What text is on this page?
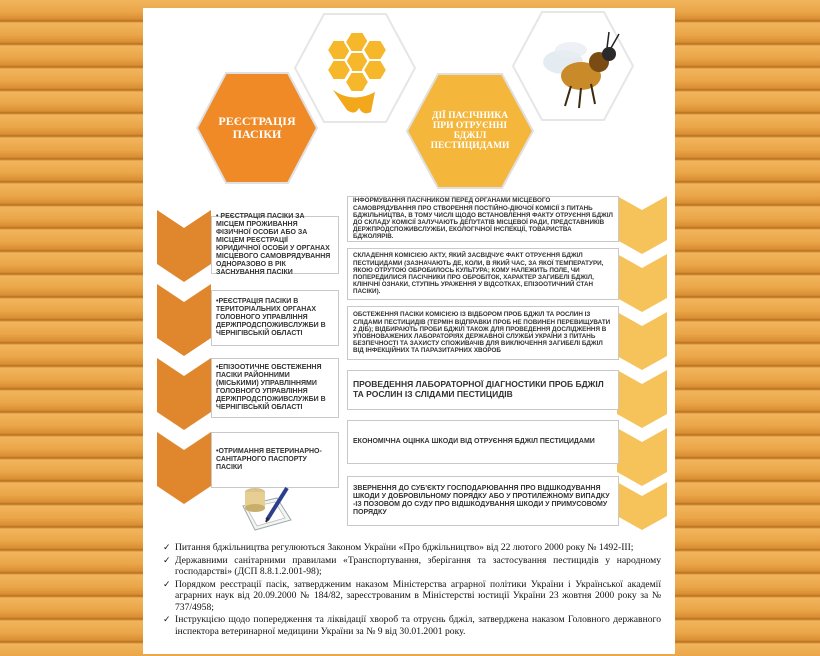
РЕЄСТРАЦІЯ ПАСІКИ
ДІЇ ПАСІЧНИКА ПРИ ОТРУЄННІ БДЖІЛ ПЕСТИЦИДАМИ
• РЕЄСТРАЦІЯ ПАСІКИ ЗА МІСЦЕМ ПРОЖИВАННЯ ФІЗИЧНОЇ ОСОБИ АБО ЗА МІСЦЕМ РЕЄСТРАЦІЇ ЮРИДИЧНОЇ ОСОБИ У ОРГАНАХ МІСЦЕВОГО САМОВРЯДУВАННЯ ОДНОРАЗОВО В РІК ЗАСНУВАННЯ ПАСІКИ
•РЕЄСТРАЦІЯ ПАСІКИ В ТЕРИТОРІАЛЬНИХ ОРГАНАХ ГОЛОВНОГО УПРАВЛІННЯ ДЕРЖПРОДСПОЖИВСЛУЖБИ В ЧЕРНІГІВСЬКІЙ ОБЛАСТІ
•ЕПІЗООТИЧНЕ ОБСТЕЖЕННЯ ПАСІКИ РАЙОННИМИ (МІСЬКИМИ) УПРАВЛІННЯМИ ГОЛОВНОГО УПРАВЛІННЯ ДЕРЖПРОДСПОЖИВСЛУЖБИ В ЧЕРНІГІВСЬКІЙ ОБЛАСТІ
•ОТРИМАННЯ ВЕТЕРИНАРНО-САНІТАРНОГО ПАСПОРТУ ПАСІКИ
ІНФОРМУВАННЯ ПАСІЧНИКОМ ПЕРЕД ОРГАНАМИ МІСЦЕВОГО САМОВРЯДУВАННЯ ПРО СТВОРЕННЯ ПОСТІЙНО-ДІЮЧОЇ КОМІСІЇ З ПИТАНЬ БДЖІЛЬНИЦТВА, В ТОМУ ЧИСЛІ ЩОДО ВСТАНОВЛЕННЯ ФАКТУ ОТРУЄННЯ БДЖІЛ ДО СКЛАДУ КОМІСІЇ ЗАЛУЧАЮТЬ ДЕПУТАТІВ МІСЦЕВОЇ РАДИ, ПРЕДСТАВНИКІВ ДЕРЖПРОДСПОЖИВСЛУЖБИ, ЕКОЛОГІЧНОЇ ІНСПЕКЦІЇ, ТОВАРИСТВА БДЖОЛЯРІВ.
СКЛАДЕННЯ КОМІСІЄЮ АКТУ, ЯКИЙ ЗАСВІДЧУЄ ФАКТ ОТРУЄННЯ БДЖІЛ ПЕСТИЦИДАМИ (ЗАЗНАЧАЮТЬ ДЕ, КОЛИ, В ЯКИЙ ЧАС, ЗА ЯКОЇ ТЕМПЕРАТУРИ, ЯКОЮ ОТРУТОЮ ОБРОБИЛОСЬ КУЛЬТУРА; КОМУ НАЛЕЖИТЬ ПОЛЕ, ЧИ ПОПЕРЕДИЛИСЯ ПАСІЧНИКИ ПРО ОБРОБІТОК, ХАРАКТЕР ЗАГИБЕЛІ БДЖІЛ, КЛІНІЧНІ ОЗНАКИ, СТУПІНЬ УРАЖЕННЯ У ВІДСОТКАХ, ЕПІЗООТИЧНИЙ СТАН ПАСІКИ).
ОБСТЕЖЕННЯ ПАСІКИ КОМІСІЄЮ ІЗ ВІДБОРОМ ПРОБ БДЖІЛ ТА РОСЛИН ІЗ СЛІДАМИ ПЕСТИЦИДІВ (ТЕРМІН ВІДПРАВКИ ПРОБ НЕ ПОВИНЕН ПЕРЕВИЩУВАТИ 2 ДІБ); ВІДБИРАЮТЬ ПРОБИ БДЖІЛ ТАКОЖ ДЛЯ ПРОВЕДЕННЯ ДОСЛІДЖЕННЯ В УПОВНОВАЖЕНИХ ЛАБОРАТОРІЯХ ДЕРЖАВНОЇ СЛУЖБИ УКРАЇНИ З ПИТАНЬ БЕЗПЕЧНОСТІ ТА ЗАХИСТУ СПОЖИВАЧІВ ДЛЯ ВИКЛЮЧЕННЯ ЗАГИБЕЛІ БДЖІЛ ВІД ІНФЕКЦІЙНИХ ТА ПАРАЗИТАРНИХ ХВОРОБ
ПРОВЕДЕННЯ ЛАБОРАТОРНОЇ ДІАГНОСТИКИ ПРОБ БДЖІЛ ТА РОСЛИН ІЗ СЛІДАМИ ПЕСТИЦИДІВ
ЕКОНОМІЧНА ОЦІНКА ШКОДИ ВІД ОТРУЄННЯ БДЖІЛ ПЕСТИЦИДАМИ
ЗВЕРНЕННЯ ДО СУБ'ЄКТУ ГОСПОДАРЮВАННЯ ПРО ВІДШКОДУВАННЯ ШКОДИ У ДОБРОВІЛЬНОМУ ПОРЯДКУ АБО У ПРОТИЛЕЖНОМУ ВИПАДКУ -ІЗ ПОЗОВОМ ДО СУДУ ПРО ВІДШКОДУВАННЯ ШКОДИ У ПРИМУСОВОМУ ПОРЯДКУ
✓ Питання бджільництва регулюються Законом України «Про бджільництво» від 22 лютого 2000 року № 1492-ІІІ;
✓ Державними санітарними правилами «Транспортування, зберігання та застосування пестицидів у народному господарстві» (ДСП 8.8.1.2.001-98);
✓ Порядком реєстрації пасік, затвердженим наказом Міністерства аграрної політики України і Української академії аграрних наук від 20.09.2000 № 184/82, зареєстрованим в Міністерстві юстиції України 23 жовтня 2000 року за № 737/4958;
✓ Інструкцією щодо попередження та ліквідації хвороб та отруєнь бджіл, затверджена наказом Головного державного інспектора ветеринарної медицини України за № 9 від 30.01.2001 року.
